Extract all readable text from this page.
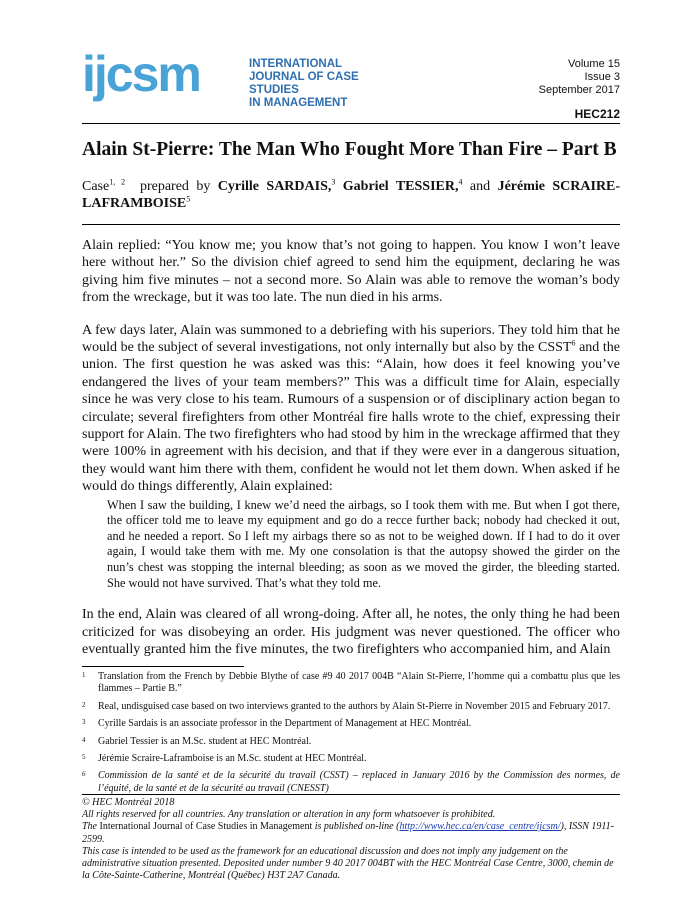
ijcsm	INTERNATIONAL
JOURNAL OF CASE STUDIES
IN MANAGEMENT
Volume 15
Issue 3
September 2017
HEC212
Alain St-Pierre: The Man Who Fought More Than Fire – Part B
Case$^{1, 2}$ prepared by Cyrille SARDAIS,$^3$ Gabriel TESSIER,$^4$ and Jérémie SCRAIRE-LAFRAMBOISE$^5$

Alain replied: “You know me; you know that’s not going to happen. You know I won’t leave here without her.” So the division chief agreed to send him the equipment, declaring he was giving him five minutes – not a second more. So Alain was able to remove the woman’s body from the wreckage, but it was too late. The nun died in his arms.

A few days later, Alain was summoned to a debriefing with his superiors. They told him that he would be the subject of several investigations, not only internally but also by the CSST$^6$ and the union. The first question he was asked was this: “Alain, how does it feel knowing you’ve endangered the lives of your team members?” This was a difficult time for Alain, especially since he was very close to his team. Rumours of a suspension or of disciplinary action began to circulate; several firefighters from other Montréal fire halls wrote to the chief, expressing their support for Alain. The two firefighters who had stood by him in the wreckage affirmed that they were 100% in agreement with his decision, and that if they were ever in a dangerous situation, they would want him there with them, confident he would not let them down. When asked if he would do things differently, Alain explained:

When I saw the building, I knew we’d need the airbags, so I took them with me. But when I got there, the officer told me to leave my equipment and go do a recce further back; nobody had checked it out, and he needed a report. So I left my airbags there so as not to be weighed down. If I had to do it over again, I would take them with me. My one consolation is that the autopsy showed the girder on the nun’s chest was stopping the internal bleeding; as soon as we moved the girder, the bleeding started. She would not have survived. That’s what they told me.

In the end, Alain was cleared of all wrong-doing. After all, he notes, the only thing he had been criticized for was disobeying an order. His judgment was never questioned. The officer who eventually granted him the five minutes, the two firefighters who accompanied him, and Alain

1 Translation from the French by Debbie Blythe of case #9 40 2017 004B “Alain St-Pierre, l’homme qui a combattu plus que les flammes – Partie B.”
2 Real, undisguised case based on two interviews granted to the authors by Alain St-Pierre in November 2015 and February 2017.
3 Cyrille Sardais is an associate professor in the Department of Management at HEC Montréal.
4 Gabriel Tessier is an M.Sc. student at HEC Montréal.
5 Jérémie Scraire-Laframboise is an M.Sc. student at HEC Montréal.
6 Commission de la santé et de la sécurité du travail (CSST) – replaced in January 2016 by the Commission des normes, de l’équité, de la santé et de la sécurité au travail (CNESST)
© HEC Montréal 2018
All rights reserved for all countries. Any translation or alteration in any form whatsoever is prohibited.
The International Journal of Case Studies in Management is published on-line (http://www.hec.ca/en/case_centre/ijcsm/), ISSN 1911-2599.
This case is intended to be used as the framework for an educational discussion and does not imply any judgement on the administrative situation presented. Deposited under number 9 40 2017 004BT with the HEC Montréal Case Centre, 3000, chemin de la Côte-Sainte-Catherine, Montréal (Québec) H3T 2A7 Canada.
